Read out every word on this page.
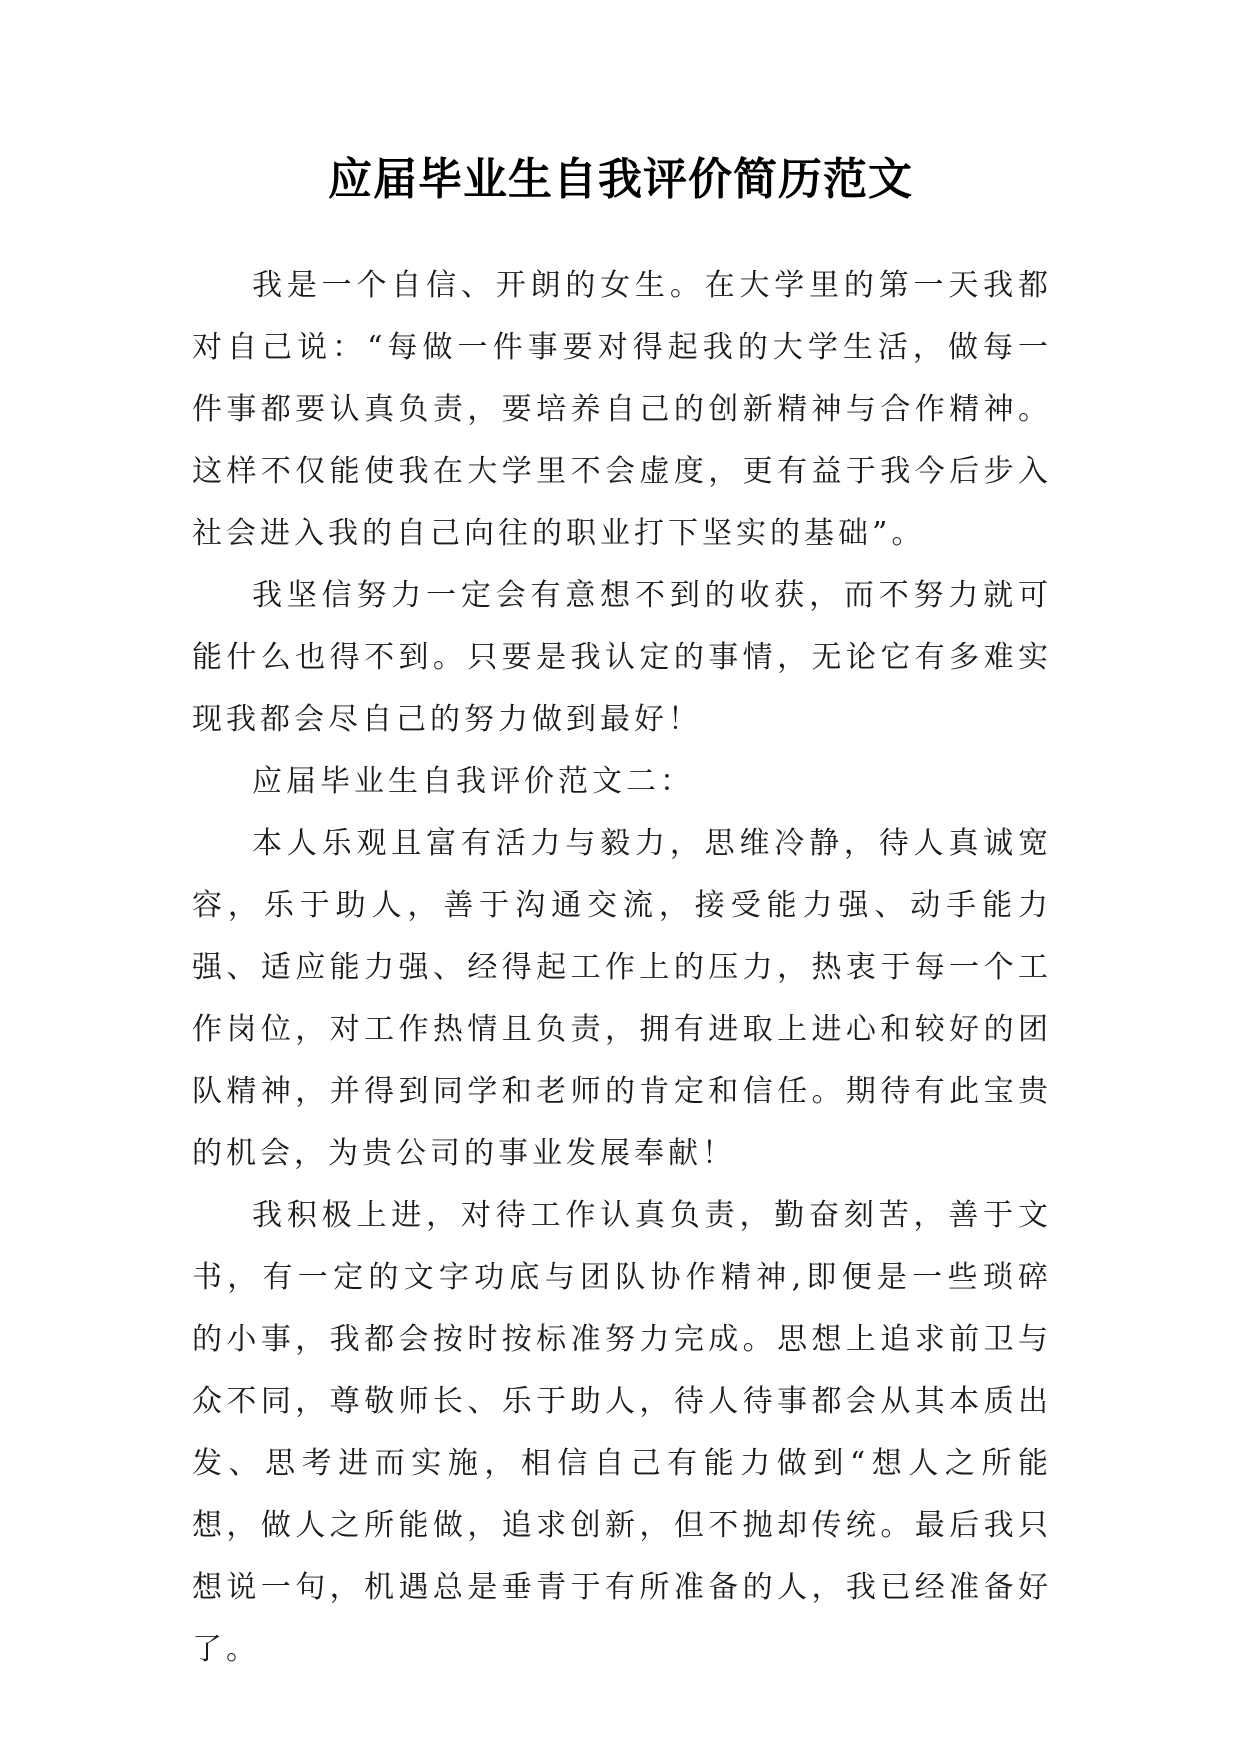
应届毕业生自我评价简历范文

我是一个自信、开朗的女生。在大学里的第一天我都对自己说：“每做一件事要对得起我的大学生活，做每一件事都要认真负责，要培养自己的创新精神与合作精神。这样不仅能使我在大学里不会虚度，更有益于我今后步入社会进入我的自己向往的职业打下坚实的基础”。

我坚信努力一定会有意想不到的收获，而不努力就可能什么也得不到。只要是我认定的事情，无论它有多难实现我都会尽自己的努力做到最好！

应届毕业生自我评价范文二：

本人乐观且富有活力与毅力，思维冷静，待人真诚宽容，乐于助人，善于沟通交流，接受能力强、动手能力强、适应能力强、经得起工作上的压力，热衷于每一个工作岗位，对工作热情且负责，拥有进取上进心和较好的团队精神，并得到同学和老师的肯定和信任。期待有此宝贵的机会，为贵公司的事业发展奉献！

我积极上进，对待工作认真负责，勤奋刻苦，善于文书，有一定的文字功底与团队协作精神,即便是一些琐碎的小事，我都会按时按标准努力完成。思想上追求前卫与众不同，尊敬师长、乐于助人，待人待事都会从其本质出发、思考进而实施，相信自己有能力做到“想人之所能想，做人之所能做，追求创新，但不抛却传统。最后我只想说一句，机遇总是垂青于有所准备的人，我已经准备好了。
